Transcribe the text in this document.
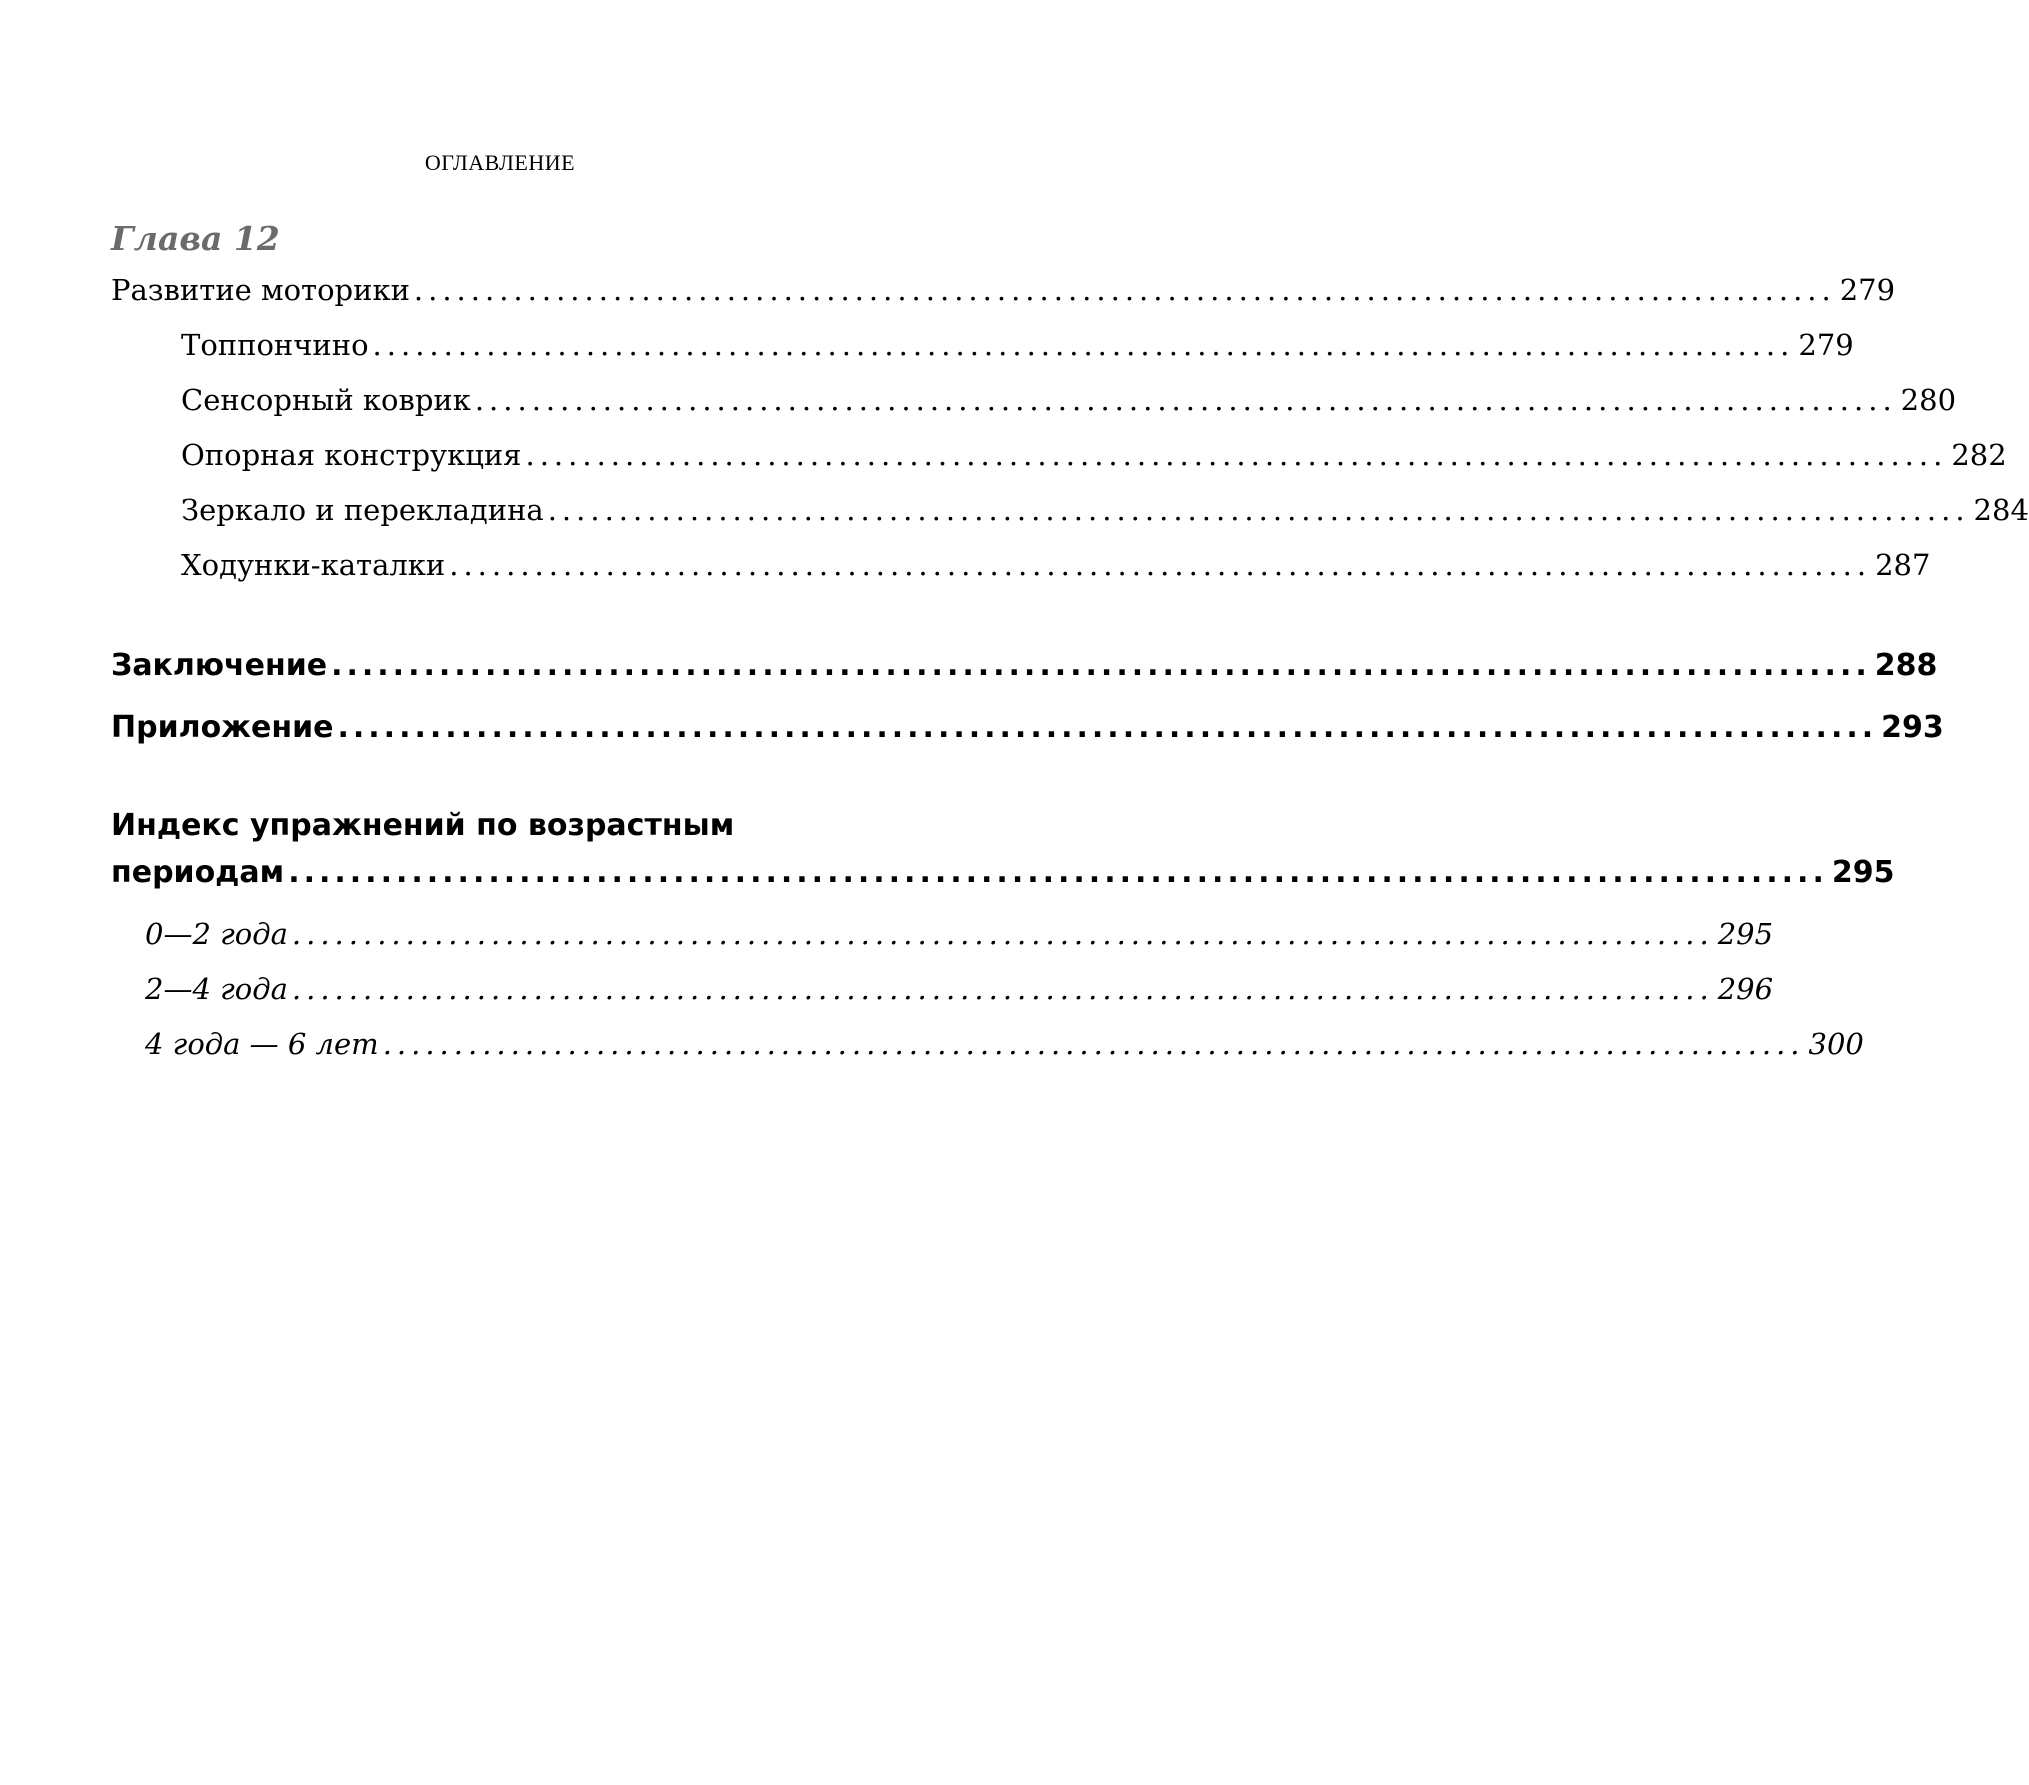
ОГЛАВЛЕНИЕ
Глава 12
Развитие моторики .................................................................................................... 279
Топпончино .................................................................................................... 279
Сенсорный коврик .................................................................................................... 280
Опорная конструкция .................................................................................................... 282
Зеркало и перекладина .................................................................................................... 284
Ходунки-каталки .................................................................................................... 287
Заключение .................................................................................................... 288
Приложение .................................................................................................... 293
Индекс упражнений по возрастным
периодам .................................................................................................... 295
0—2 года .................................................................................................... 295
2—4 года .................................................................................................... 296
4 года — 6 лет .................................................................................................... 300
